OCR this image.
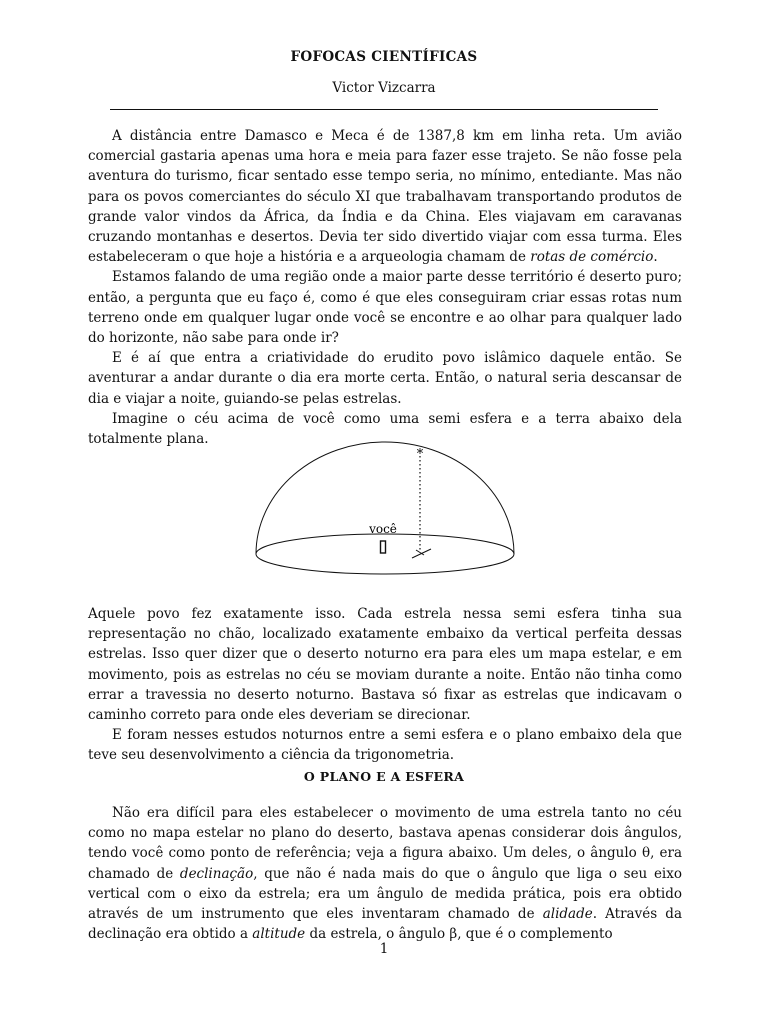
FOFOCAS CIENTÍFICAS
Victor Vizcarra

A distância entre Damasco e Meca é de 1387,8 km em linha reta. Um avião comercial gastaria apenas uma hora e meia para fazer esse trajeto. Se não fosse pela aventura do turismo, ficar sentado esse tempo seria, no mínimo, entediante. Mas não para os povos comerciantes do século XI que trabalhavam transportando produtos de grande valor vindos da África, da Índia e da China. Eles viajavam em caravanas cruzando montanhas e desertos. Devia ter sido divertido viajar com essa turma. Eles estabeleceram o que hoje a história e a arqueologia chamam de rotas de comércio.

Estamos falando de uma região onde a maior parte desse território é deserto puro; então, a pergunta que eu faço é, como é que eles conseguiram criar essas rotas num terreno onde em qualquer lugar onde você se encontre e ao olhar para qualquer lado do horizonte, não sabe para onde ir?

E é aí que entra a criatividade do erudito povo islâmico daquele então. Se aventurar a andar durante o dia era morte certa. Então, o natural seria descansar de dia e viajar a noite, guiando-se pelas estrelas.

Imagine o céu acima de você como uma semi esfera e a terra abaixo dela totalmente plana.

*
você

Aquele povo fez exatamente isso. Cada estrela nessa semi esfera tinha sua representação no chão, localizado exatamente embaixo da vertical perfeita dessas estrelas. Isso quer dizer que o deserto noturno era para eles um mapa estelar, e em movimento, pois as estrelas no céu se moviam durante a noite. Então não tinha como errar a travessia no deserto noturno. Bastava só fixar as estrelas que indicavam o caminho correto para onde eles deveriam se direcionar.

E foram nesses estudos noturnos entre a semi esfera e o plano embaixo dela que teve seu desenvolvimento a ciência da trigonometria.

O PLANO E A ESFERA

Não era difícil para eles estabelecer o movimento de uma estrela tanto no céu como no mapa estelar no plano do deserto, bastava apenas considerar dois ângulos, tendo você como ponto de referência; veja a figura abaixo. Um deles, o ângulo θ, era chamado de declinação, que não é nada mais do que o ângulo que liga o seu eixo vertical com o eixo da estrela; era um ângulo de medida prática, pois era obtido através de um instrumento que eles inventaram chamado de alidade. Através da declinação era obtido a altitude da estrela, o ângulo β, que é o complemento

1
